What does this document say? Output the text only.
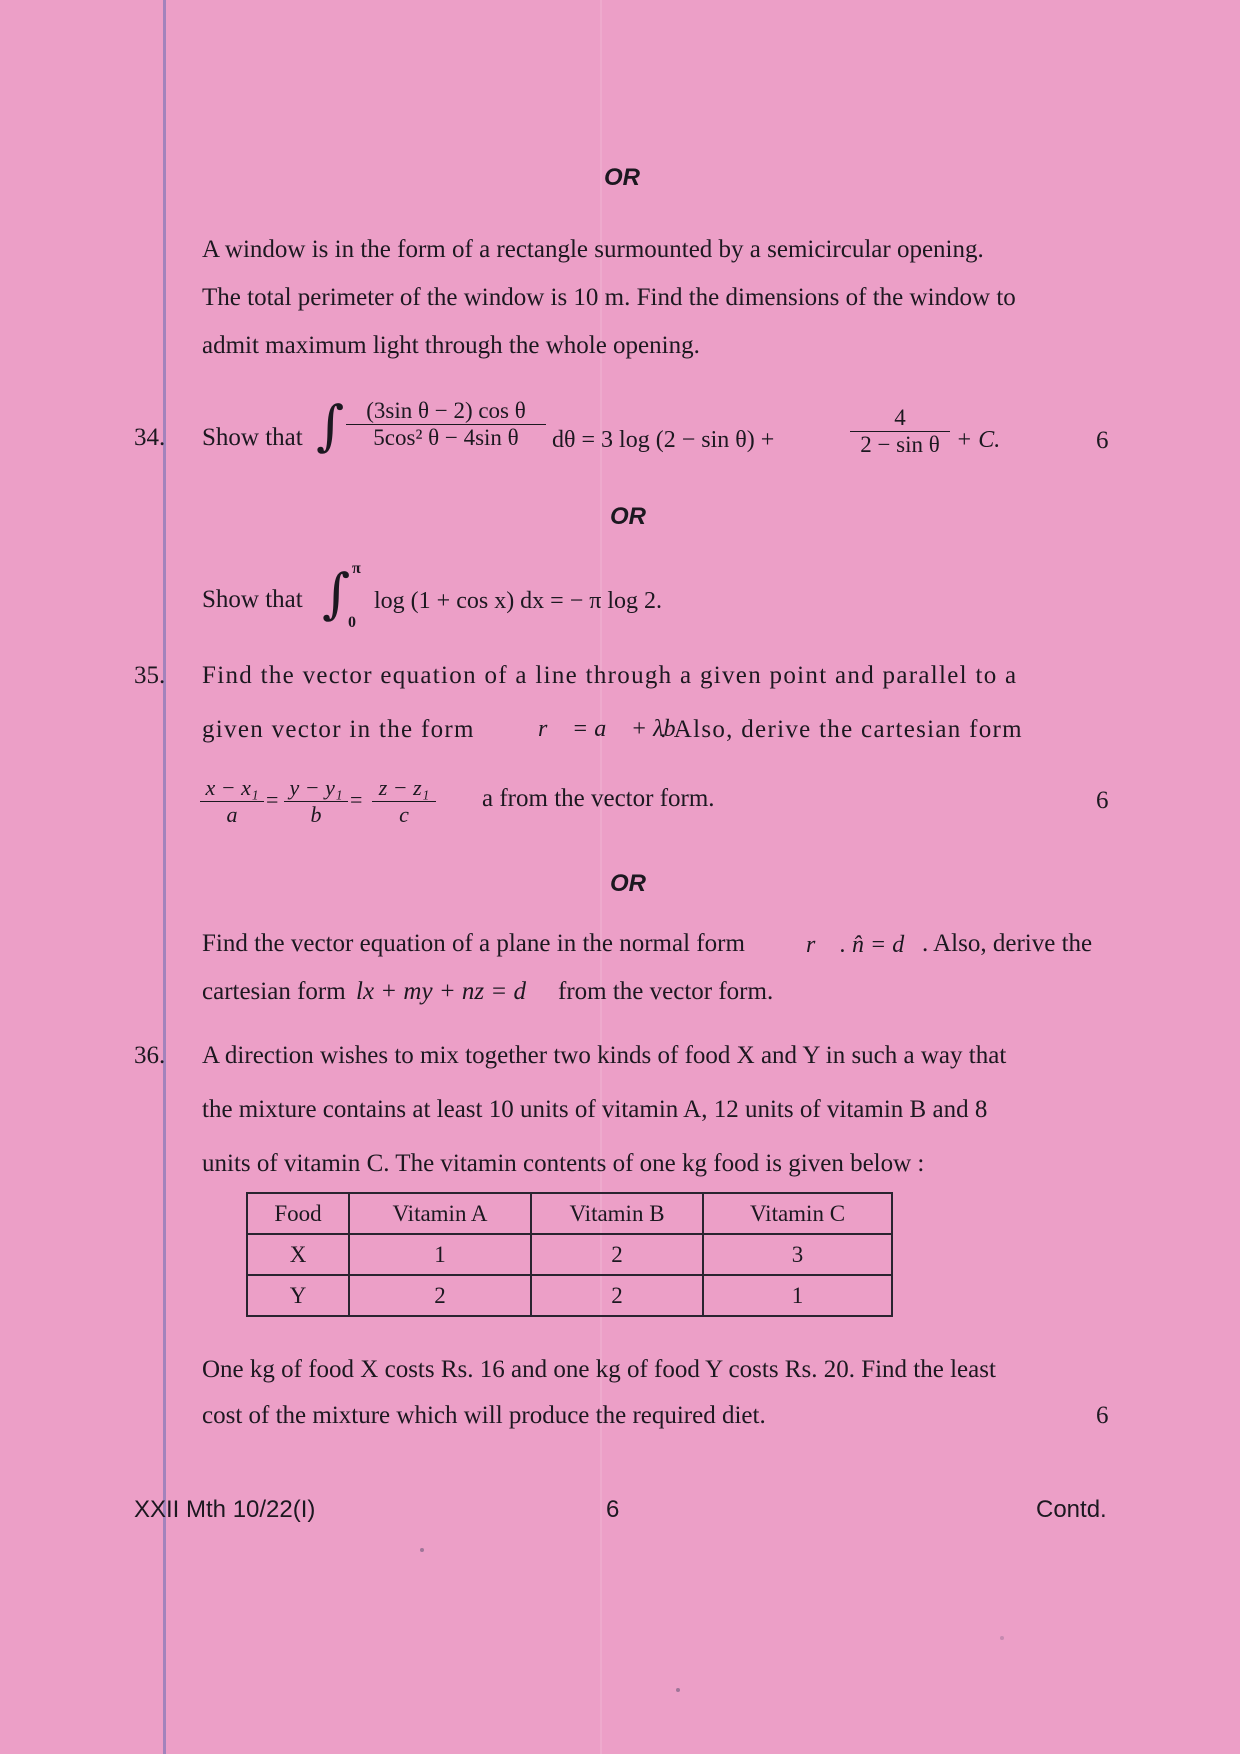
OR
A window is in the form of a rectangle surmounted by a semicircular opening.
The total perimeter of the window is 10 m. Find the dimensions of the window to
admit maximum light through the whole opening.
34. Show that ∫ $\frac{\text{(3sin θ − 2) cos θ}}{\text{5cos² θ − 4sin θ}}$ dθ = 3 log (2 − sin θ) +	$\frac{4}{\text{2 − sin θ}} + C$.	6
OR
Show that ∫ π
0
log (1 + cos x) dx = − π log 2.
35. Find the vector equation of a line through a given point and parallel to a
given vector in the form	r⃗ = a⃗ + λb⃗
. Also, derive the cartesian form
$\frac{\text{x − x₁}}{a} = \frac{\text{y − y₁}}{b} = \frac{\text{z − z₁}}{c}$ a from the vector form.	6
OR
Find the vector equation of a plane in the normal form	r⃗ . n̂ = d . Also, derive the
cartesian form lx + my + nz = d from the vector form.
36. A direction wishes to mix together two kinds of food X and Y in such a way that
the mixture contains at least 10 units of vitamin A, 12 units of vitamin B and 8
units of vitamin C. The vitamin contents of one kg food is given below :
Food	Vitamin A	Vitamin B	Vitamin C
X	1	2	3
Y	2	2	1
One kg of food X costs Rs. 16 and one kg of food Y costs Rs. 20. Find the least
cost of the mixture which will produce the required diet.	6
XXII Mth 10/22(I)	6	Contd.
